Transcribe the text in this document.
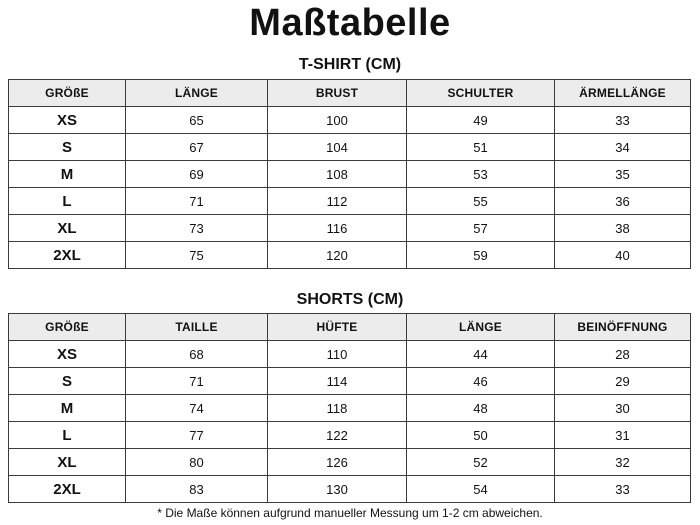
Maßtabelle
T-SHIRT (CM)
GRÖßE	LÄNGE	BRUST	SCHULTER	ÄRMELLÄNGE
XS	65	100	49	33
S	67	104	51	34
M	69	108	53	35
L	71	112	55	36
XL	73	116	57	38
2XL	75	120	59	40
SHORTS (CM)
GRÖßE	TAILLE	HÜFTE	LÄNGE	BEINÖFFNUNG
XS	68	110	44	28
S	71	114	46	29
M	74	118	48	30
L	77	122	50	31
XL	80	126	52	32
2XL	83	130	54	33
* Die Maße können aufgrund manueller Messung um 1-2 cm abweichen.
